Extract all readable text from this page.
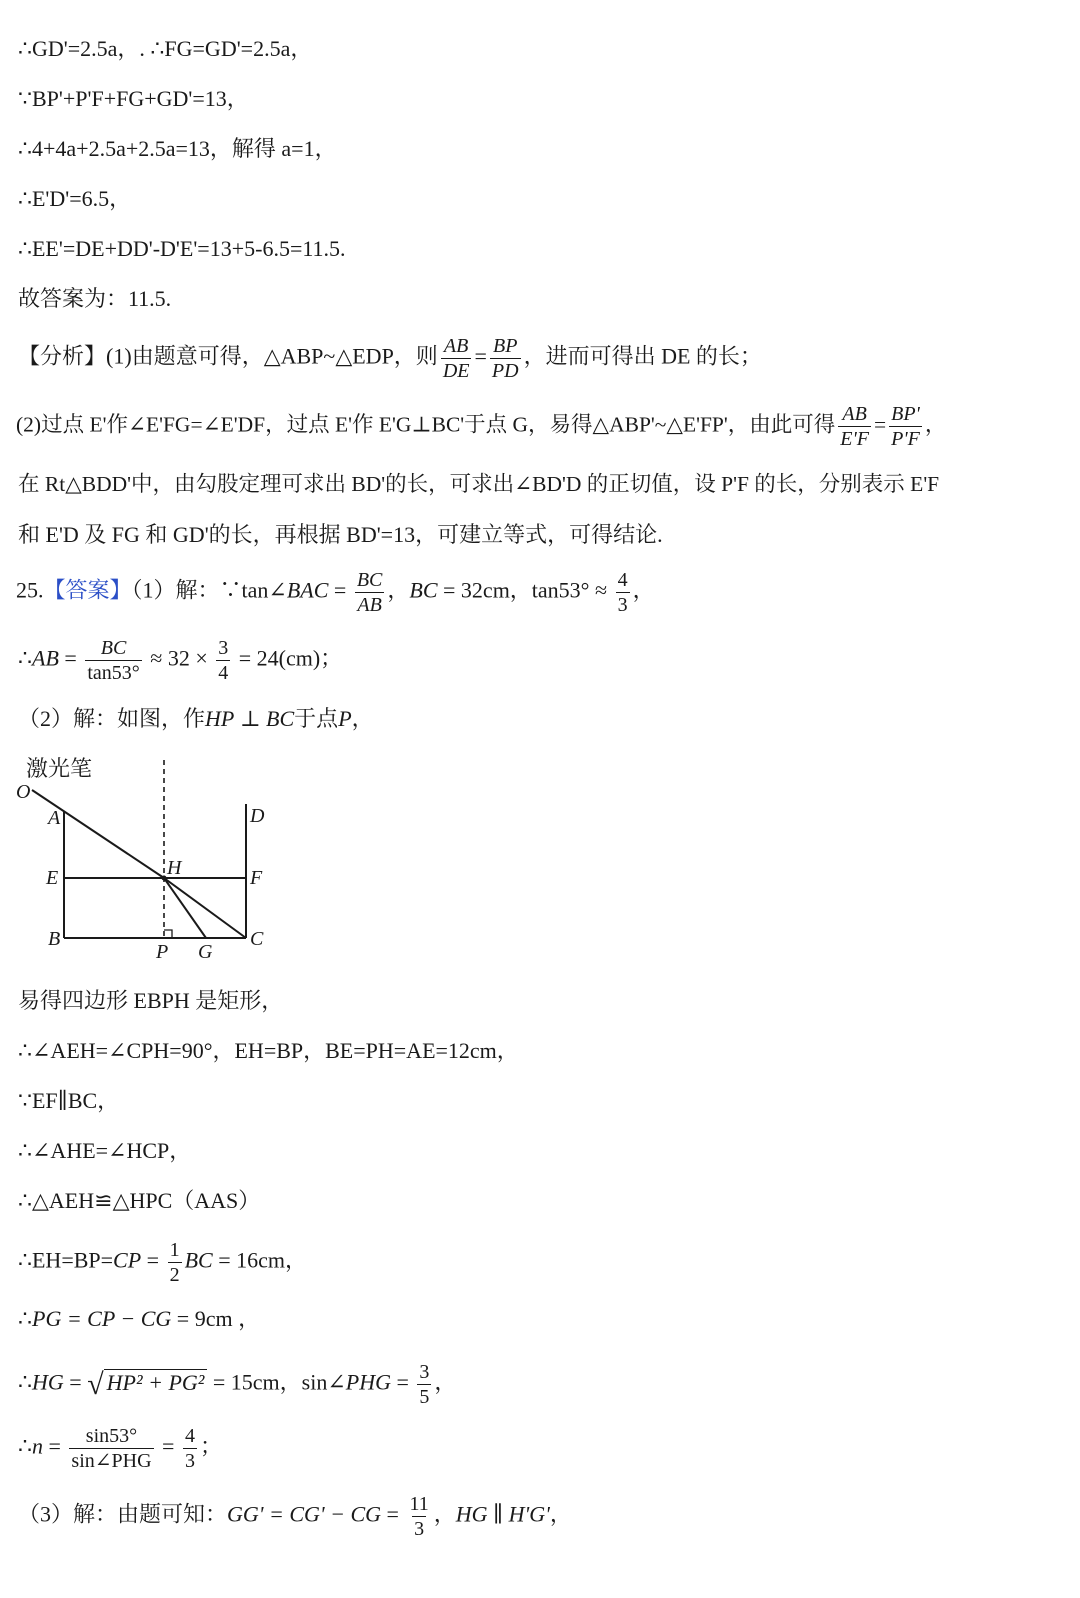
∴GD'=2.5a，. ∴FG=GD'=2.5a，
∵BP'+P'F+FG+GD'=13，
∴4+4a+2.5a+2.5a=13，解得 a=1，
∴E'D'=6.5，
∴EE'=DE+DD'-D'E'=13+5-6.5=11.5.
故答案为：11.5.
【分析】(1)由题意可得，△ABP~△EDP，则 $\frac{AB}{DE} = \frac{BP}{PD}$ ，进而可得出 DE 的长；
(2)过点 E'作∠E'FG=∠E'DF，过点 E'作 E'G⊥BC'于点 G，易得△ABP'~△E'FP'，由此可得 $\frac{AB}{E'F} = \frac{BP'}{P'F}$ ，
在 Rt△BDD'中，由勾股定理可求出 BD'的长，可求出∠BD'D 的正切值，设 P'F 的长，分别表示 E'F
和 E'D 及 FG 和 GD'的长，再根据 BD'=13，可建立等式，可得结论.
25.【答案】（1）解：∵tan∠BAC = $\frac{BC}{AB}$ ，BC = 32cm，$\tan 53^\circ \approx \frac{4}{3}$ ，
∴AB = $\frac{BC}{\tan 53^\circ} \approx 32 \times \frac{3}{4} = 24(cm)$；
（2）解：如图，作HP ⊥ BC于点P，
激光笔
O
A	D
E	H	F
B
P G
C
易得四边形 EBPH 是矩形，
∴∠AEH=∠CPH=90°，EH=BP，BE=PH=AE=12cm，
∵EF∥BC，
∴∠AHE=∠HCP，
∴△AEH≌△HPC（AAS）
∴EH=BP=CP = $\frac{1}{2}$ BC = 16cm，
∴PG = CP − CG = 9cm ，
∴HG = √ HP² + PG² = 15cm，sin∠PHG = $\frac{3}{5}$ ，
∴n = $\frac{\sin 53^\circ}{\text{sin∠PHG}} = \frac{4}{3}$ ；
（3）解：由题可知：GG' = CG' − CG = $\frac{11}{3}$ ，HG ∥ H'G'，
